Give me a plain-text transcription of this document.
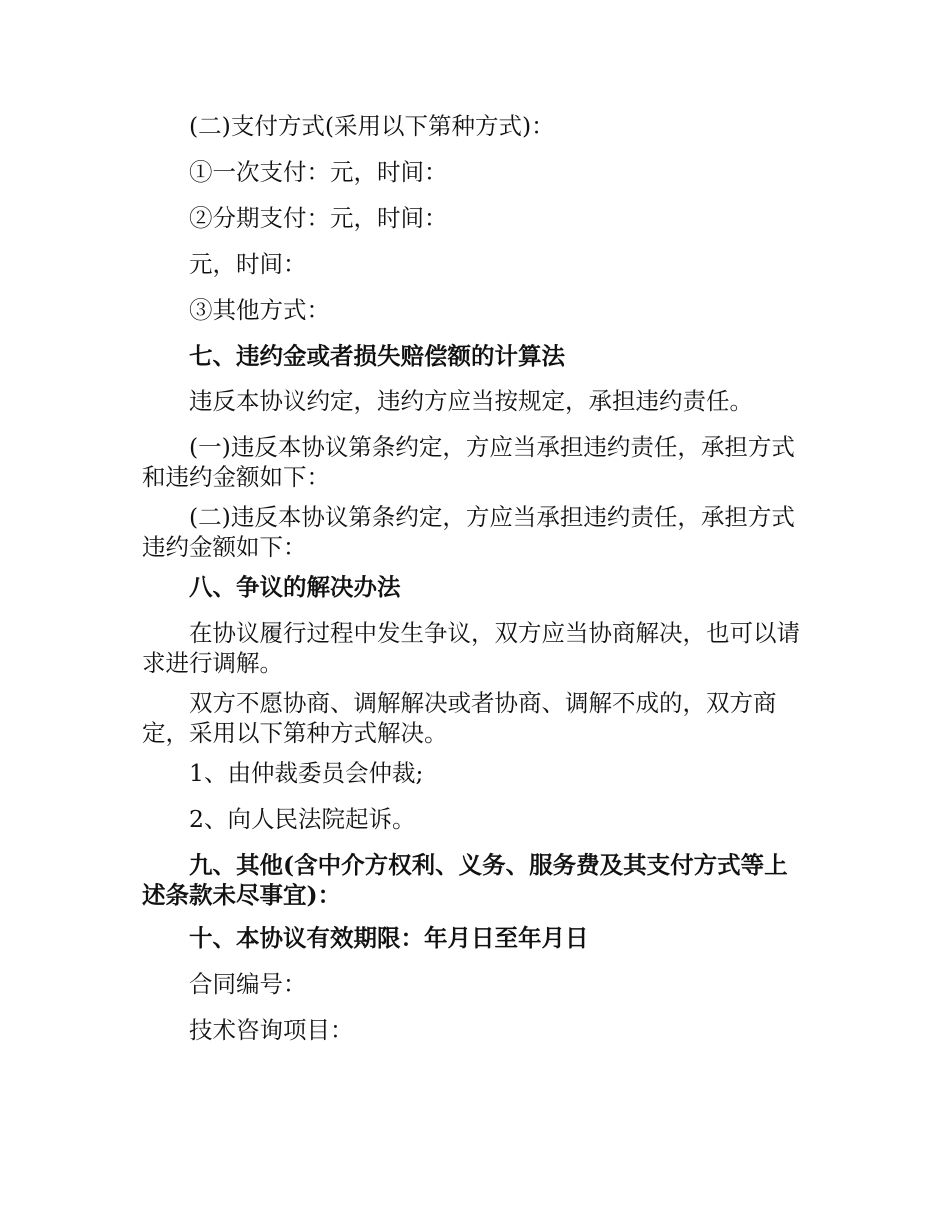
(二)支付方式(采用以下第种方式)：

①一次支付：元，时间：

②分期支付：元，时间：

元，时间：

③其他方式：

七、违约金或者损失赔偿额的计算法

违反本协议约定，违约方应当按规定，承担违约责任。

(一)违反本协议第条约定，方应当承担违约责任，承担方式和违约金额如下：

(二)违反本协议第条约定，方应当承担违约责任，承担方式违约金额如下：

八、争议的解决办法

在协议履行过程中发生争议，双方应当协商解决，也可以请求进行调解。

双方不愿协商、调解解决或者协商、调解不成的，双方商定，采用以下第种方式解决。

1、由仲裁委员会仲裁;

2、向人民法院起诉。

九、其他(含中介方权利、义务、服务费及其支付方式等上述条款未尽事宜)：

十、本协议有效期限：年月日至年月日

合同编号：

技术咨询项目：
